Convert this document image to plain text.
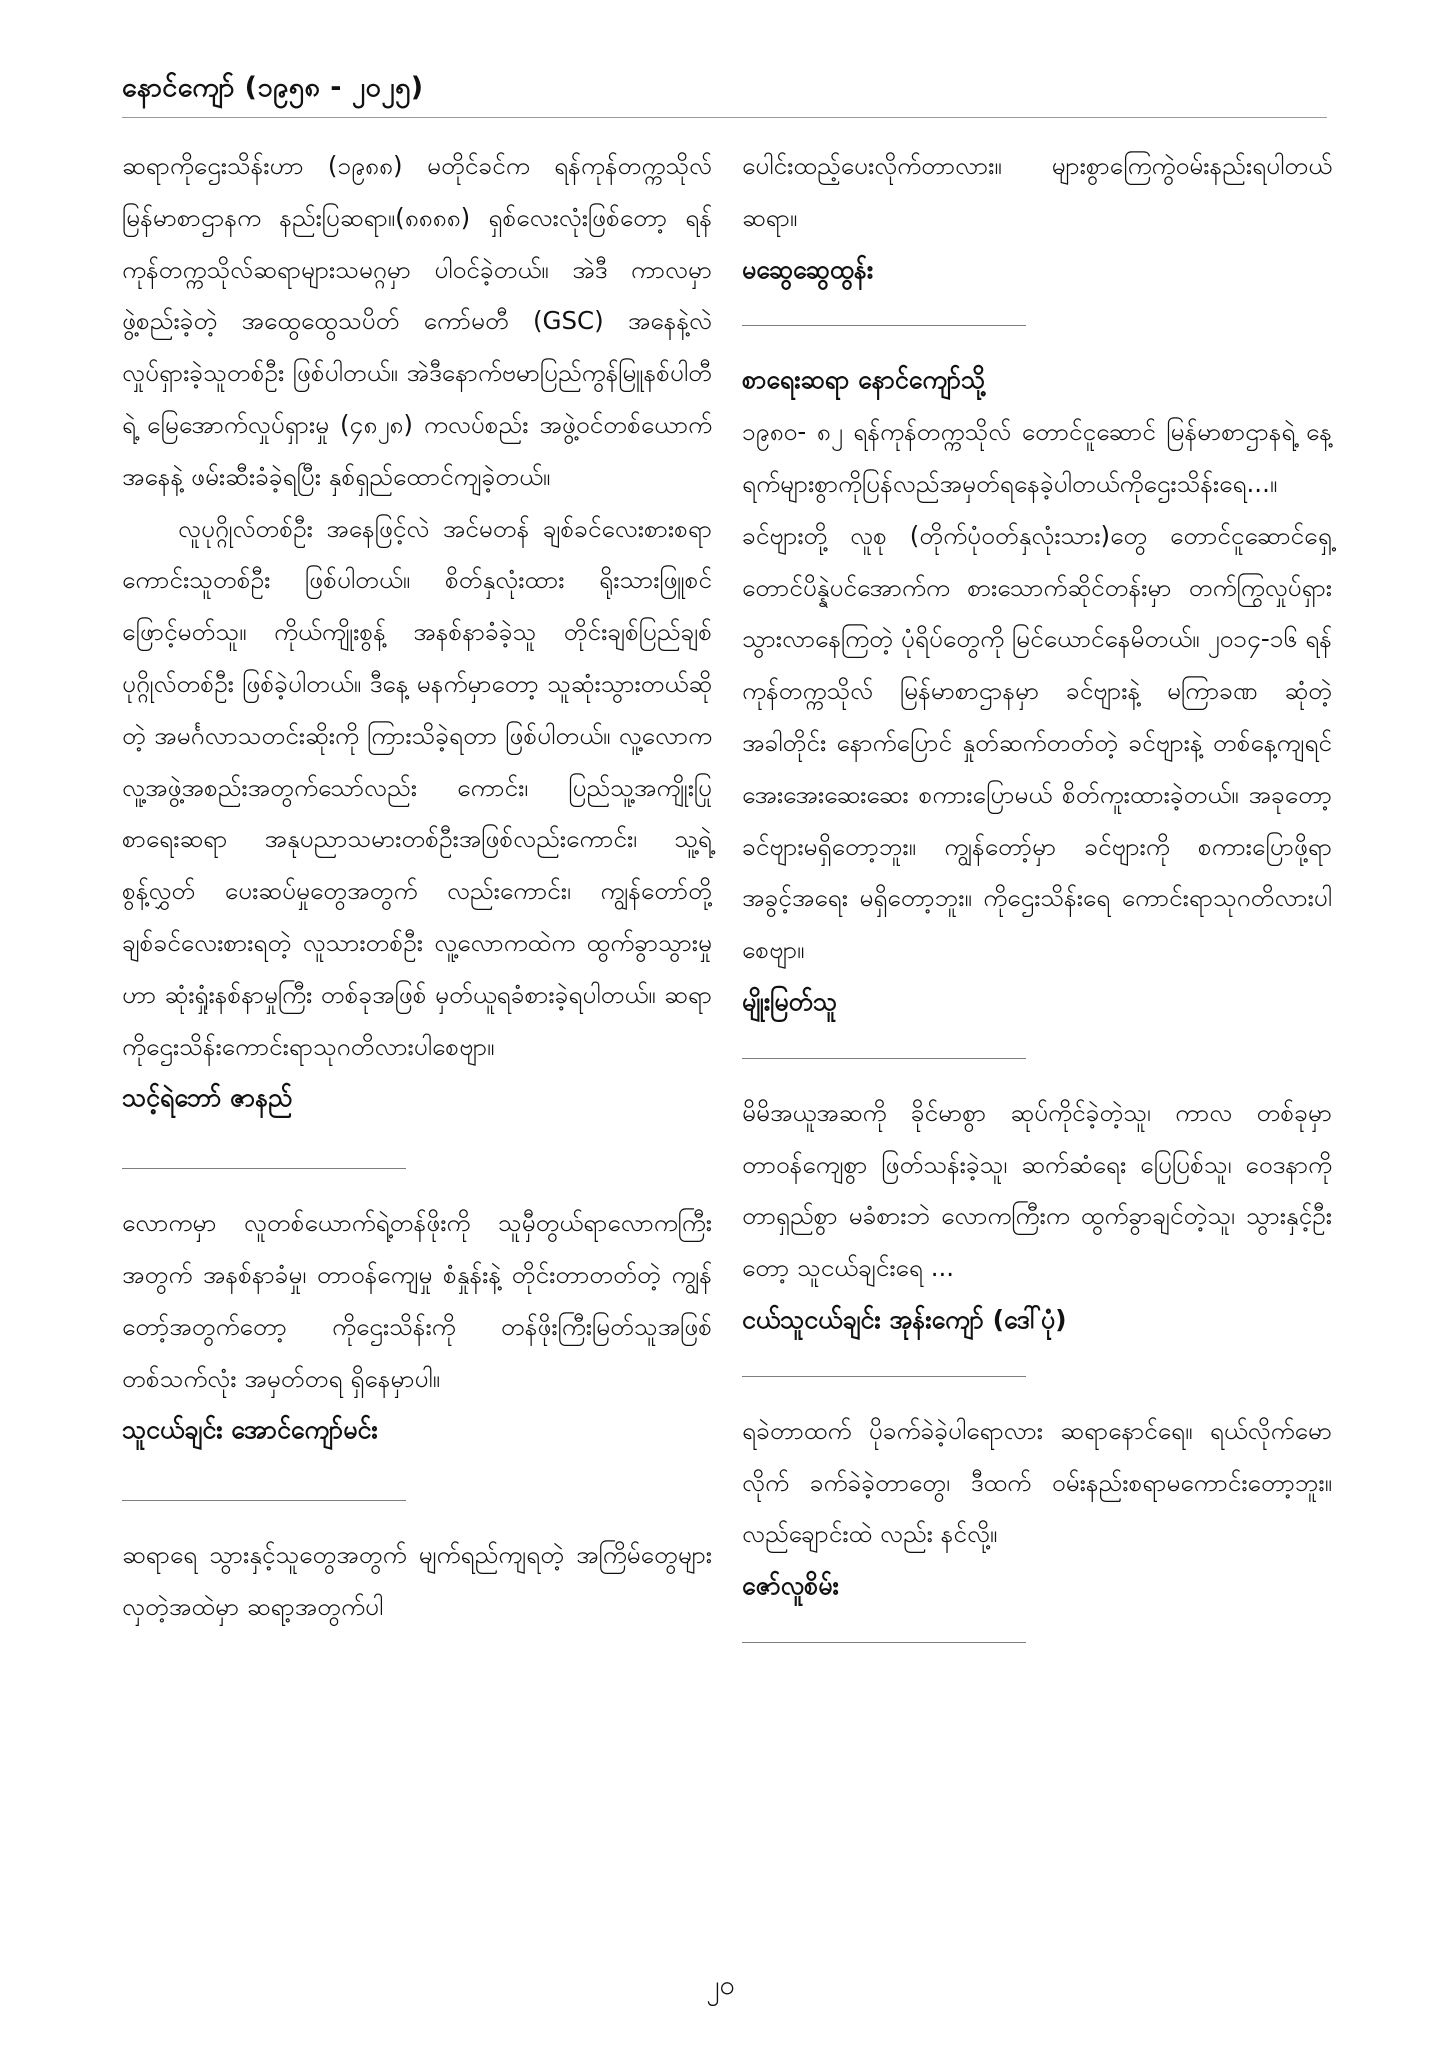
နောင်ကျော် (၁၉၅၈ - ၂၀၂၅)

ဆရာကိုဌေးသိန်းဟာ (၁၉၈၈) မတိုင်ခင်က ရန်ကုန်တက္ကသိုလ်မြန်မာစာဌာနက နည်းပြဆရာ။(၈၈၈၈) ရှစ်လေးလုံးဖြစ်တော့ ရန်ကုန်တက္ကသိုလ်ဆရာများသမဂ္ဂမှာ ပါဝင်ခဲ့တယ်။ အဲဒီ ကာလမှာဖွဲ့စည်းခဲ့တဲ့ အထွေထွေသပိတ် ကော်မတီ (GSC) အနေနဲ့လဲ လှုပ်ရှားခဲ့သူတစ်ဦး ဖြစ်ပါတယ်။ အဲဒီနောက်ဗမာပြည်ကွန်မြူနစ်ပါတီရဲ့ မြေအောက်လှုပ်ရှားမှု (၄၈၂၈) ကလပ်စည်း အဖွဲ့ဝင်တစ်ယောက်အနေနဲ့ ဖမ်းဆီးခံခဲ့ရပြီး နှစ်ရှည်ထောင်ကျခဲ့တယ်။

လူပုဂ္ဂိုလ်တစ်ဦး အနေဖြင့်လဲ အင်မတန် ချစ်ခင်လေးစားစရာကောင်းသူတစ်ဦး ဖြစ်ပါတယ်။ စိတ်နှလုံးထား ရိုးသားဖြူစင်ဖြောင့်မတ်သူ။ ကိုယ်ကျိုးစွန့် အနစ်နာခံခဲ့သူ တိုင်းချစ်ပြည်ချစ် ပုဂ္ဂိုလ်တစ်ဦး ဖြစ်ခဲ့ပါတယ်။ ဒီနေ့ မနက်မှာတော့ သူဆုံးသွားတယ်ဆိုတဲ့ အမင်္ဂလာသတင်းဆိုးကို ကြားသိခဲ့ရတာ ဖြစ်ပါတယ်။ လူ့လောက လူ့အဖွဲ့အစည်းအတွက်သော်လည်း ကောင်း၊ ပြည်သူ့အကျိုးပြု စာရေးဆရာ အနုပညာသမားတစ်ဦးအဖြစ်လည်းကောင်း၊ သူ့ရဲ့စွန့်လွှတ် ပေးဆပ်မှုတွေအတွက် လည်းကောင်း၊ ကျွန်တော်တို့ ချစ်ခင်လေးစားရတဲ့ လူသားတစ်ဦး လူ့လောကထဲက ထွက်ခွာသွားမှုဟာ ဆုံးရှုံးနစ်နာမှုကြီး တစ်ခုအဖြစ် မှတ်ယူရခံစားခဲ့ရပါတယ်။ ဆရာ ကိုဌေးသိန်းကောင်းရာသုဂတိလားပါစေဗျာ။

သင့်ရဲဘော် ဇာနည်

လောကမှာ လူတစ်ယောက်ရဲ့တန်ဖိုးကို သူမှီတွယ်ရာလောကကြီးအတွက် အနစ်နာခံမှု၊ တာဝန်ကျေမှု စံနှုန်းနဲ့ တိုင်းတာတတ်တဲ့ ကျွန်တော့်အတွက်တော့ ကိုဌေးသိန်းကို တန်ဖိုးကြီးမြတ်သူအဖြစ် တစ်သက်လုံး အမှတ်တရ ရှိနေမှာပါ။

သူငယ်ချင်း အောင်ကျော်မင်း

ဆရာရေ သွားနှင့်သူတွေအတွက် မျက်ရည်ကျရတဲ့ အကြိမ်တွေများလှတဲ့အထဲမှာ ဆရာ့အတွက်ပါ

ပေါင်းထည့်ပေးလိုက်တာလား။ များစွာကြေကွဲဝမ်းနည်းရပါတယ်ဆရာ။

မဆွေဆွေထွန်း

စာရေးဆရာ နောင်ကျော်သို့

၁၉၈၀- ၈၂ ရန်ကုန်တက္ကသိုလ် တောင်ငူဆောင် မြန်မာစာဌာနရဲ့ နေ့ရက်များစွာကိုပြန်လည်အမှတ်ရနေခဲ့ပါတယ်ကိုဌေးသိန်းရေ...။ ခင်ဗျားတို့ လူစု (တိုက်ပုံဝတ်နှလုံးသား)တွေ တောင်ငူဆောင်ရှေ့ တောင်ပိန္နဲပင်အောက်က စားသောက်ဆိုင်တန်းမှာ တက်ကြွလှုပ်ရှား သွားလာနေကြတဲ့ ပုံရိပ်တွေကို မြင်ယောင်နေမိတယ်။ ၂၀၁၄-၁၆ ရန်ကုန်တက္ကသိုလ် မြန်မာစာဌာနမှာ ခင်ဗျားနဲ့ မကြာခဏ ဆုံတဲ့ အခါတိုင်း နောက်ပြောင် နှုတ်ဆက်တတ်တဲ့ ခင်ဗျားနဲ့ တစ်နေ့ကျရင် အေးအေးဆေးဆေး စကားပြောမယ် စိတ်ကူးထားခဲ့တယ်။ အခုတော့ ခင်ဗျားမရှိတော့ဘူး။ ကျွန်တော့်မှာ ခင်ဗျားကို စကားပြောဖို့ရာ အခွင့်အရေး မရှိတော့ဘူး။ ကိုဌေးသိန်းရေ ကောင်းရာသုဂတိလားပါစေဗျာ။

မျိုးမြတ်သူ

မိမိအယူအဆကို ခိုင်မာစွာ ဆုပ်ကိုင်ခဲ့တဲ့သူ၊ ကာလ တစ်ခုမှာ တာဝန်ကျေစွာ ဖြတ်သန်းခဲ့သူ၊ ဆက်ဆံရေး ပြေပြစ်သူ၊ ဝေဒနာကို တာရှည်စွာ မခံစားဘဲ လောကကြီးက ထွက်ခွာချင်တဲ့သူ၊ သွားနှင့်ဦးတော့ သူငယ်ချင်းရေ ...

ငယ်သူငယ်ချင်း အုန်းကျော် (ဒေါ်ပုံ)

ရခဲတာထက် ပိုခက်ခဲခဲ့ပါရောလား ဆရာနောင်ရေ။ ရယ်လိုက်မောလိုက် ခက်ခဲခဲ့တာတွေ၊ ဒီထက် ဝမ်းနည်းစရာမကောင်းတော့ဘူး။ လည်ချောင်းထဲ လည်း နင်လို့။

ဇော်လူစိမ်း

၂၀
